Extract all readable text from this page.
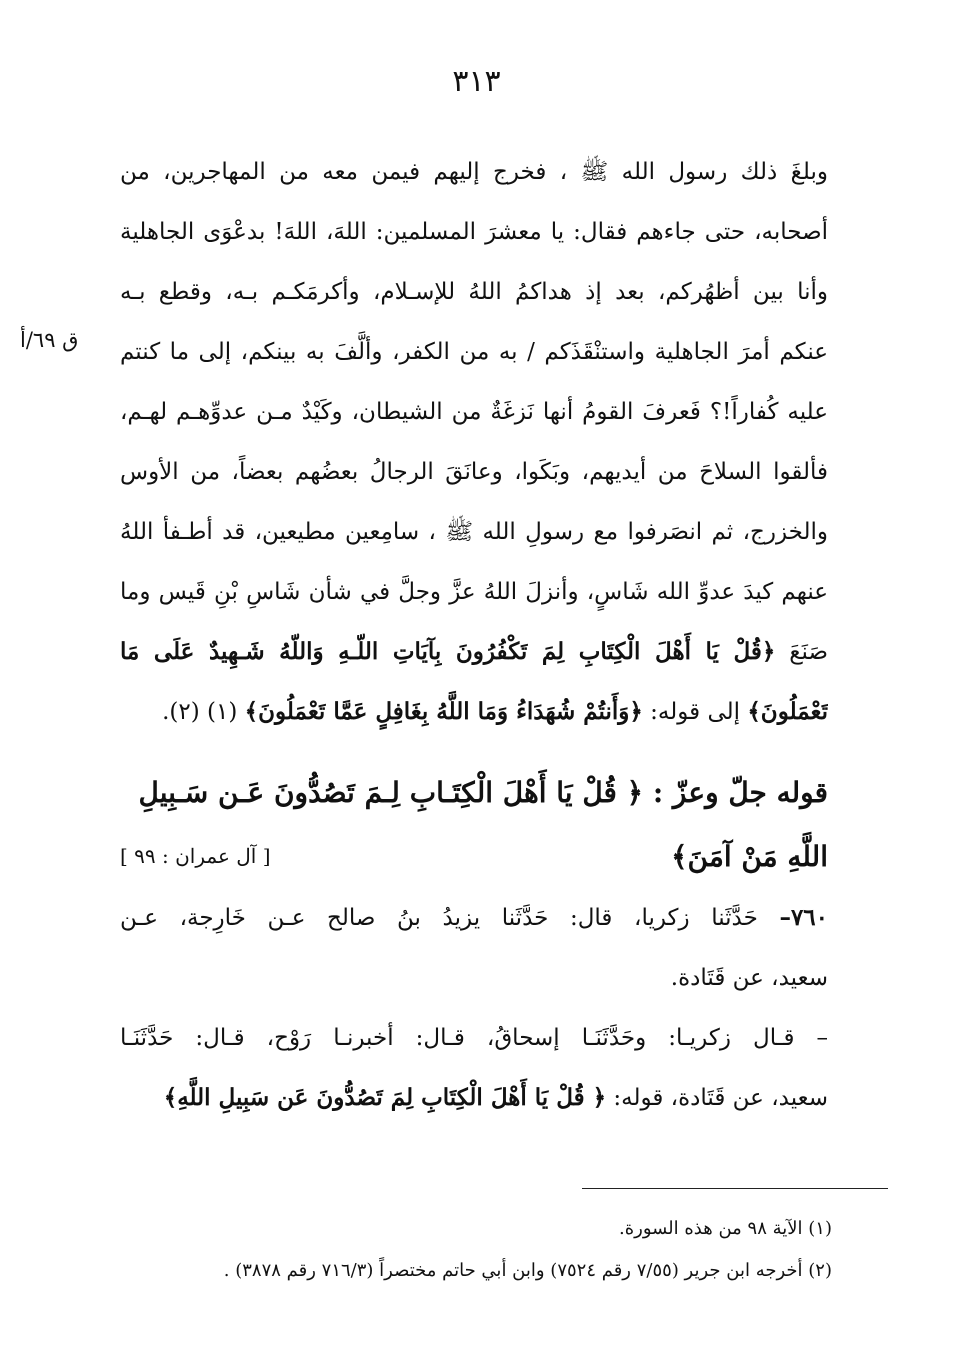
٣١٣
ق ٦٩/أ
وبلغَ ذلك رسول الله ﷺ ، فخرج إليهم فيمن معه من المهاجرين، من
أصحابه، حتى جاءهم فقال: يا معشرَ المسلمين: اللهَ، اللهَ! بدعْوَى الجاهلية
وأنا بين أظهُركم، بعد إذ هداكمُ اللهُ للإسـلام، وأكرمَكـم بـه، وقطع بـه
عنكم أمرَ الجاهلية واستنْقَذَكم / به من الكفر، وألَّفَ به بينكم، إلى ما كنتم
عليه كُفاراً!؟ فَعرفَ القومُ أنها نَزغَةٌ من الشيطان، وكَيْدٌ مـن عدوِّهـم لهـم،
فألقوا السلاحَ من أيديهم، وبَكَوا، وعانَقَ الرجالُ بعضُهم بعضاً، من الأوس
والخزرج، ثم انصَرفوا مع رسولِ الله ﷺ ، سامِعين مطيعين، قد أطـفأ اللهُ
عنهم كيدَ عدوِّ الله شَاسٍ، وأنزلَ اللهُ عزَّ وجلَّ في شأن شَاسِ بْنِ قَيس وما
صَنَعَ ﴿قُلْ يَا أَهْلَ الْكِتَابِ لِمَ تَكْفُرُونَ بِآيَاتِ اللّـهِ وَاللّهُ شَـهِيدٌ عَلَى مَا
تَعْمَلُونَ﴾ إلى قوله: ﴿وَأَنتُمْ شُهَدَاءُ وَمَا اللَّهُ بِغَافِلٍ عَمَّا تَعْمَلُونَ﴾ (١) (٢).
قوله جلّ وعزّ : ﴿ قُلْ يَا أَهْلَ الْكِتَـابِ لِـمَ تَصُدُّونَ عَـن سَـبِيلِ
اللَّهِ مَنْ آمَنَ﴾
[ آل عمران : ٩٩ ]
٧٦٠– حَدَّثَنا زكريا، قال: حَدَّثَنا يزيدُ بنُ صالح عـن خَارِجة، عـن
سعيد، عن قَتَادة.
– قـال زكريـا: وحَدَّثَنَـا إسحاقُ، قـال: أخبرنـا رَوْح، قـال: حَدَّثَنَـا
سعيد، عن قَتَادة، قوله: ﴿ قُلْ يَا أَهْلَ الْكِتَابِ لِمَ تَصُدُّونَ عَن سَبِيلِ اللَّهِ﴾
(١) الآية ٩٨ من هذه السورة.
(٢) أخرجه ابن جرير (٧/٥٥ رقم ٧٥٢٤) وابن أبي حاتم مختصراً (٧١٦/٣ رقم ٣٨٧٨) .
